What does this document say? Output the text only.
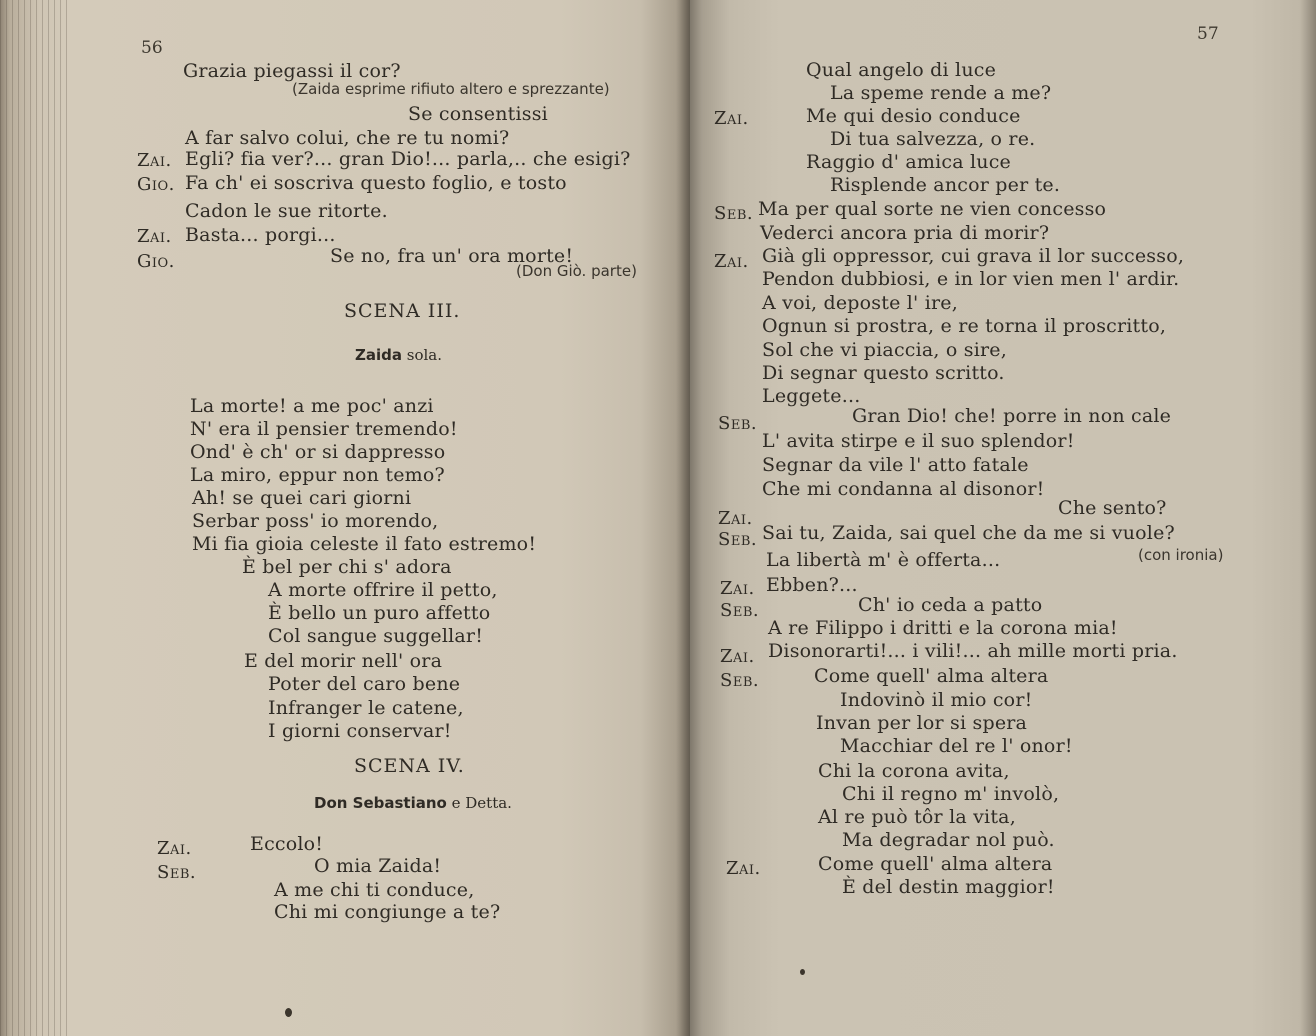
56
Grazia piegassi il cor?
(Zaida esprime rifiuto altero e sprezzante)
Se consentissi
A far salvo colui, che re tu nomi?
Zai. Egli? fia ver?... gran Dio!... parla,.. che esigi?
Gio. Fa ch' ei soscriva questo foglio, e tosto
Cadon le sue ritorte.
Zai. Basta... porgi...
Gio.	Se no, fra un' ora morte!
(Don Giò. parte)
SCENA III.
Zaida sola.
La morte! a me poc' anzi
N' era il pensier tremendo!
Ond' è ch' or si dappresso
La miro, eppur non temo?
Ah! se quei cari giorni
Serbar poss' io morendo,
Mi fia gioia celeste il fato estremo!
È bel per chi s' adora
A morte offrire il petto,
È bello un puro affetto
Col sangue suggellar!
E del morir nell' ora
Poter del caro bene
Infranger le catene,
I giorni conservar!
SCENA IV.
Don Sebastiano e Detta.
Zai.	Eccolo!
Seb.	O mia Zaida!
A me chi ti conduce,
Chi mi congiunge a te?
57
Qual angelo di luce
La speme rende a me?
Zai.	Me qui desio conduce
Di tua salvezza, o re.
Raggio d' amica luce
Risplende ancor per te.
Seb. Ma per qual sorte ne vien concesso
Vederci ancora pria di morir?
Zai. Già gli oppressor, cui grava il lor successo,
Pendon dubbiosi, e in lor vien men l' ardir.
A voi, deposte l' ire,
Ognun si prostra, e re torna il proscritto,
Sol che vi piaccia, o sire,
Di segnar questo scritto.
Leggete...
Seb.	Gran Dio! che! porre in non cale
L' avita stirpe e il suo splendor!
Segnar da vile l' atto fatale
Che mi condanna al disonor!
Zai.	Che sento?
Seb. Sai tu, Zaida, sai quel che da me si vuole?
La libertà m' è offerta...	(con ironia)
Zai. Ebben?...
Seb.	Ch' io ceda a patto
A re Filippo i dritti e la corona mia!
Zai. Disonorarti!... i vili!... ah mille morti pria.
Seb.	Come quell' alma altera
Indovinò il mio cor!
Invan per lor si spera
Macchiar del re l' onor!
Chi la corona avita,
Chi il regno m' involò,
Al re può tôr la vita,
Ma degradar nol può.
Zai.	Come quell' alma altera
È del destin maggior!
